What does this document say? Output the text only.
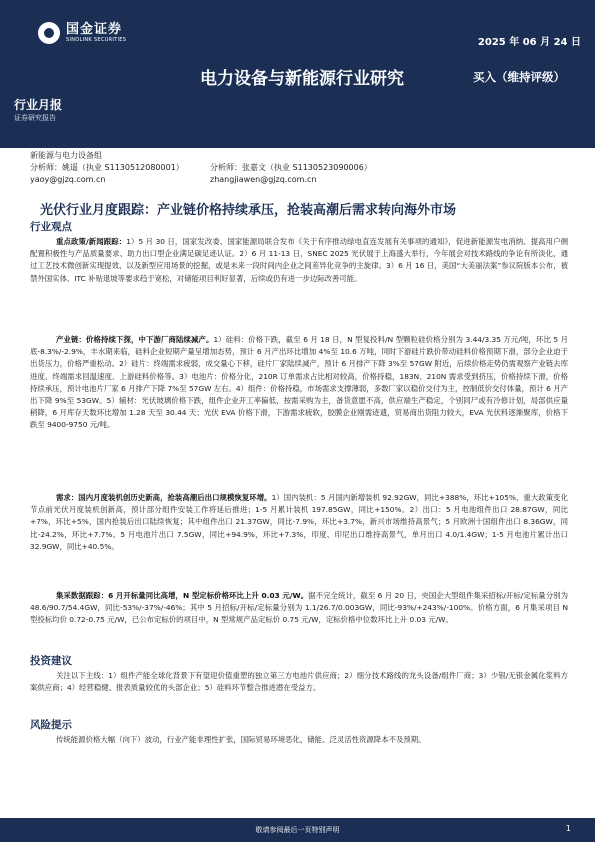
国金证券
SINOLINK SECURITIES	2025 年 06 月 24 日
电力设备与新能源行业研究	买入（维持评级）
行业月报
证券研究报告
新能源与电力设备组
分析师：姚遥（执业 S1130512080001）	分析师：张嘉文（执业 S1130523090006）
yaoy@gjzq.com.cn	zhangjiawen@gjzq.com.cn
光伏行业月度跟踪：产业链价格持续承压，抢装高潮后需求转向海外市场
行业观点

重点政策/新闻跟踪：1）5 月 30 日，国家发改委、国家能源局联合发布《关于有序推动绿电直连发展有关事项的通知》，促进新能源发电消纳、提高用户侧配置积极性与产品质量要求、助力出口型企业满足碳足迹认证。2）6 月 11-13 日，SNEC 2025 光伏展于上海盛大举行，今年展会对技术路线的争论有所淡化，通过工艺技术微创新实现提效、以及新型应用场景的挖掘，或是未来一段时间内企业之间差异化竞争的主旋律。3）6 月 16 日，美国“大美丽法案”参议院版本公布，被禁外国实体、ITC 补贴退坡等要求趋于宽松，对储能项目利好显著，后续或仍有进一步边际改善可能。

产业链：价格持续下探，中下游厂商陆续减产。1）硅料：价格下跌，截至 6 月 18 日，N 型复投料/N 型颗粒硅价格分别为 3.44/3.35 万元/吨，环比 5 月底-8.3%/-2.9%，丰水期来临，硅料企业短期产量呈增加态势，预计 6 月产出环比增加 4%至 10.6 万吨，同时下游硅片跌价带动硅料价格预期下滑，部分企业迫于出货压力，价格严重松动。2）硅片：终端需求疲弱，成交量心下移，硅片厂家陆续减产，预计 6 月排产下降 3%至 57GW 附近，后续价格走势仍需观察产业链去库进度、终端需求回温速度、上游硅料价格等。3）电池片：价格分化，210R 订单需求占比相对较高，价格持稳，183N、210N 需求受到挤压，价格持续下滑，价格持续承压，预计电池片厂家 6 月排产下降 7%至 57GW 左右。4）组件：价格持稳，市场需求支撑薄弱，多数厂家以稳价交付为主，控制低价交付体量，预计 6 月产出下降 9%至 53GW。5）辅材：光伏玻璃价格下跌，组件企业开工率偏低，按需采购为主，备货意愿不高，供应端生产稳定，个别同尸或有冷修计划，局部供应量稍降，6 月库存天数环比增加 1.28 天至 30.44 天；光伏 EVA 价格下滑，下游需求疲软，胶膜企业刚需迹遗，贸易商出货阻力较大，EVA 光伏料逐渐聚库，价格下跌至 9400-9750 元/吨。

需求：国内月度装机创历史新高，抢装高潮后出口规模恢复环增。1）国内装机：5 月国内新增装机 92.92GW，同比+388%，环比+105%，重大政策变化节点前光伏月度装机创新高，预计部分组件安装工作将延后推进；1-5 月累计装机 197.85GW，同比+150%。2）出口：5 月电池组件出口 28.87GW，同比+7%，环比+5%，国内抢装后出口陆续恢复；其中组件出口 21.37GW，同比-7.9%，环比+3.7%，新兴市场维持高景气；5 月欧洲十国组件出口 8.36GW，同比-24.2%，环比+7.7%。5 月电池片出口 7.5GW，同比+94.9%，环比+7.3%，印度、印尼出口维持高景气，单月出口 4.0/1.4GW；1-5 月电池片累计出口 32.9GW，同比+40.5%。

集采数据跟踪：6 月开标量同比高增，N 型定标价格环比上升 0.03 元/W。据不完全统计，截至 6 月 20 日，央国企大型组件集采招标/开标/定标量分别为 48.6/90.7/54.4GW，同比-53%/-37%/-46%；其中 5 月招标/开标/定标量分别为 1.1/26.7/0.003GW，同比-93%/+243%/-100%。价格方面，6 月集采项目 N 型投标均价 0.72-0.75 元/W，已公布定标价的项目中，N 型常规产品定标价 0.75 元/W，定标价格中位数环比上升 0.03 元/W。

投资建议

关注以下主线：1）组件产能全球化背景下有望迎价值重塑的独立第三方电池片供应商；2）细分技术路线的龙头设备/组件厂商；3）少银/无银金属化浆料方案供应商；4）经营稳健、报表质量较优的头部企业；5）硅料环节整合推进潜在受益方。

风险提示

传统能源价格大幅（向下）波动，行业产能非理性扩张，国际贸易环境恶化，储能、泛灵活性资源降本不及预期。

敬请参阅最后一页特别声明	1
